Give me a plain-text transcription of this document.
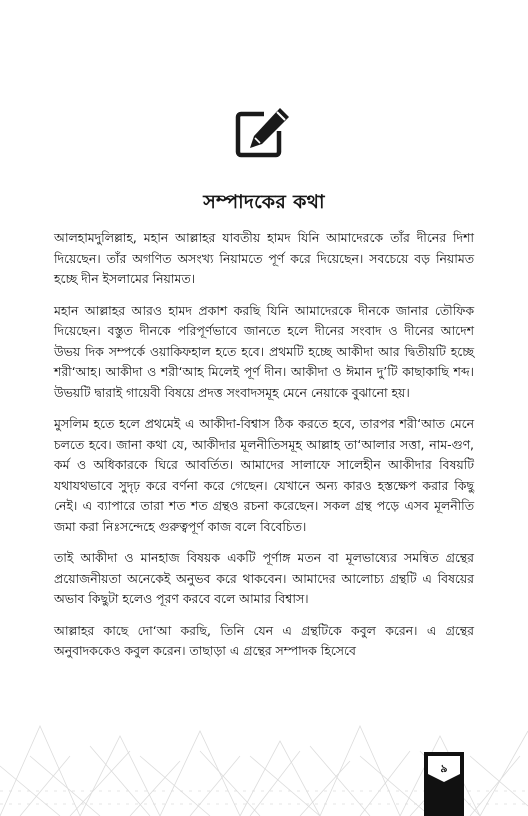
সম্পাদকের কথা

আলহামদুলিল্লাহ, মহান আল্লাহর যাবতীয় হামদ যিনি আমাদেরকে তাঁর দীনের দিশা দিয়েছেন। তাঁর অগণিত অসংখ্য নিয়ামতে পূর্ণ করে দিয়েছেন। সবচেয়ে বড় নিয়ামত হচ্ছে দীন ইসলামের নিয়ামত।

মহান আল্লাহর আরও হামদ প্রকাশ করছি যিনি আমাদেরকে দীনকে জানার তৌফিক দিয়েছেন। বস্তুত দীনকে পরিপূর্ণভাবে জানতে হলে দীনের সংবাদ ও দীনের আদেশ উভয় দিক সম্পর্কে ওয়াকিফহাল হতে হবে। প্রথমটি হচ্ছে আকীদা আর দ্বিতীয়টি হচ্ছে শরী‘আহ। আকীদা ও শরী‘আহ মিলেই পূর্ণ দীন। আকীদা ও ঈমান দু’টি কাছাকাছি শব্দ। উভয়টি দ্বারাই গায়েবী বিষয়ে প্রদত্ত সংবাদসমূহ মেনে নেয়াকে বুঝানো হয়।

মুসলিম হতে হলে প্রথমেই এ আকীদা-বিশ্বাস ঠিক করতে হবে, তারপর শরী‘আত মেনে চলতে হবে। জানা কথা যে, আকীদার মূলনীতিসমূহ আল্লাহ তা‘আলার সত্তা, নাম-গুণ, কর্ম ও অধিকারকে ঘিরে আবর্তিত। আমাদের সালাফে সালেহীন আকীদার বিষয়টি যথাযথভাবে সুদৃঢ় করে বর্ণনা করে গেছেন। যেখানে অন্য কারও হস্তক্ষেপ করার কিছু নেই। এ ব্যাপারে তারা শত শত গ্রন্থও রচনা করেছেন। সকল গ্রন্থ পড়ে এসব মূলনীতি জমা করা নিঃসন্দেহে গুরুত্বপূর্ণ কাজ বলে বিবেচিত।

তাই আকীদা ও মানহাজ বিষয়ক একটি পূর্ণাঙ্গ মতন বা মূলভাষ্যের সমন্বিত গ্রন্থের প্রয়োজনীয়তা অনেকেই অনুভব করে থাকবেন। আমাদের আলোচ্য গ্রন্থটি এ বিষয়ের অভাব কিছুটা হলেও পূরণ করবে বলে আমার বিশ্বাস।

আল্লাহর কাছে দো‘আ করছি, তিনি যেন এ গ্রন্থটিকে কবুল করেন। এ গ্রন্থের অনুবাদককেও কবুল করেন। তাছাড়া এ গ্রন্থের সম্পাদক হিসেবে

৯
